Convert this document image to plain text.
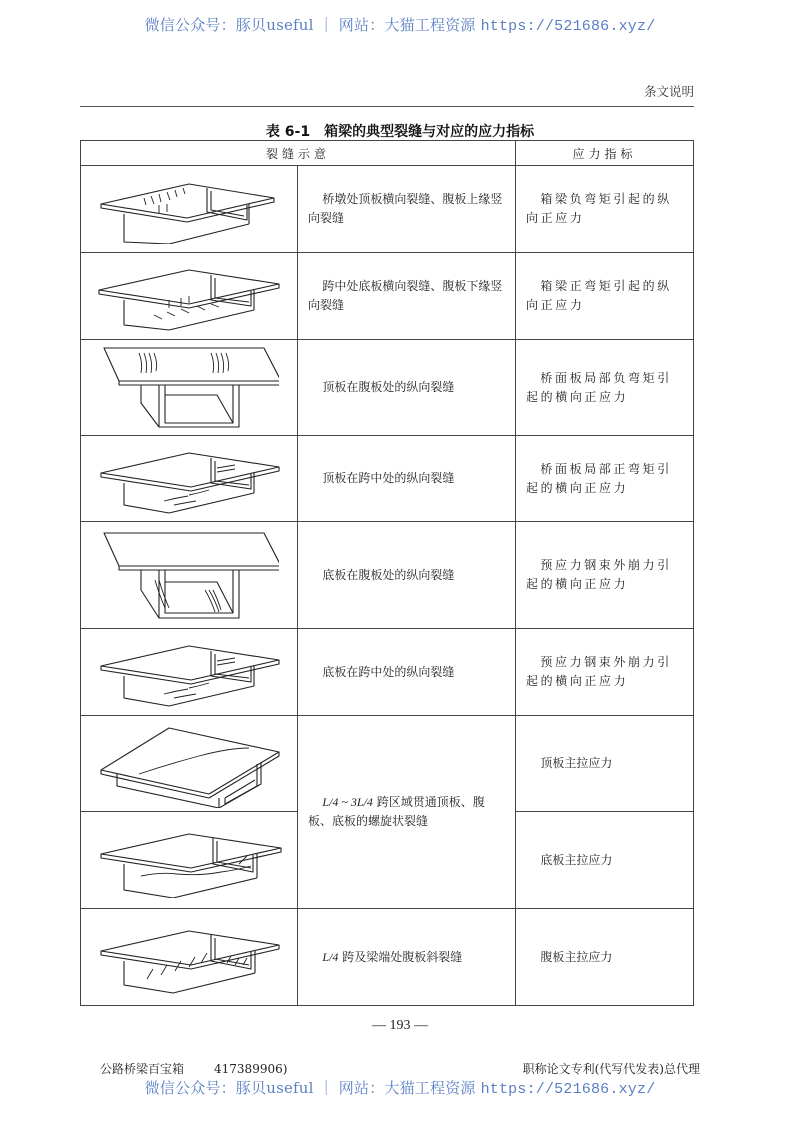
微信公众号：豚贝useful ｜ 网站：大猫工程资源 https://521686.xyz/
条文说明
表 6-1 箱梁的典型裂缝与对应的应力指标
裂缝示意		应力指标

桥墩处顶板横向裂缝、腹板上缘竖向裂缝	箱梁负弯矩引起的纵向正应力

跨中处底板横向裂缝、腹板下缘竖向裂缝	箱梁正弯矩引起的纵向正应力

顶板在腹板处的纵向裂缝	桥面板局部负弯矩引起的横向正应力

顶板在跨中处的纵向裂缝	桥面板局部正弯矩引起的横向正应力

底板在腹板处的纵向裂缝	预应力钢束外崩力引起的横向正应力

底板在跨中处的纵向裂缝	预应力钢束外崩力引起的横向正应力

L/4 ~ 3L/4 跨区域贯通顶板、腹板、底板的螺旋状裂缝	顶板主拉应力

底板主拉应力

L/4 跨及梁端处腹板斜裂缝	腹板主拉应力
— 193 —
公路桥梁百宝箱	417389906)	职称论文专利(代写代发表)总代理
微信公众号：豚贝useful ｜ 网站：大猫工程资源 https://521686.xyz/
